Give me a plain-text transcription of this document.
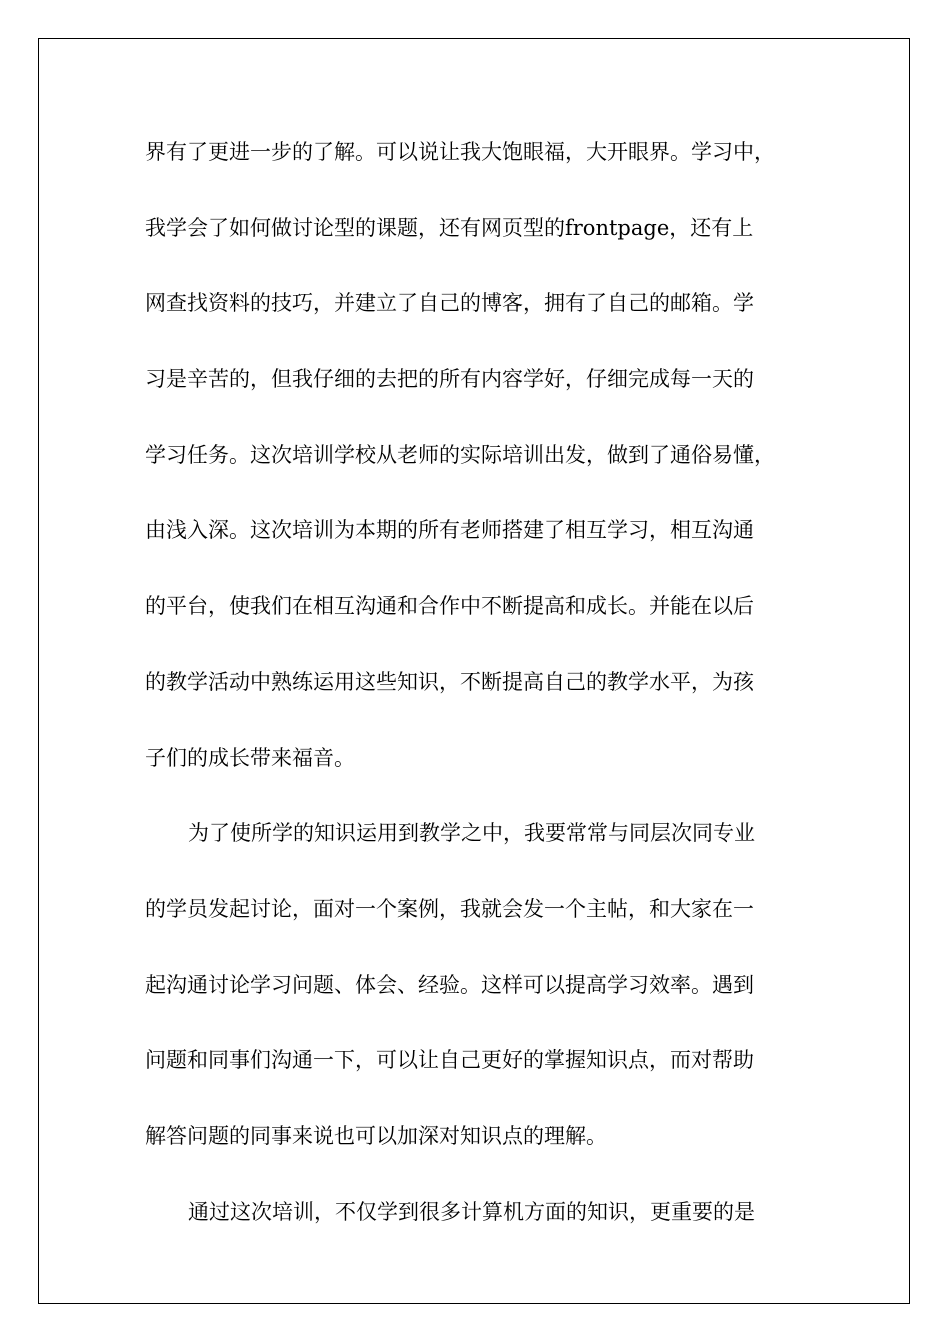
界有了更进一步的了解。可以说让我大饱眼福，大开眼界。学习中，
我学会了如何做讨论型的课题，还有网页型的frontpage，还有上
网查找资料的技巧，并建立了自己的博客，拥有了自己的邮箱。学
习是辛苦的，但我仔细的去把的所有内容学好，仔细完成每一天的
学习任务。这次培训学校从老师的实际培训出发，做到了通俗易懂，
由浅入深。这次培训为本期的所有老师搭建了相互学习，相互沟通
的平台，使我们在相互沟通和合作中不断提高和成长。并能在以后
的教学活动中熟练运用这些知识，不断提高自己的教学水平，为孩
子们的成长带来福音。
为了使所学的知识运用到教学之中，我要常常与同层次同专业
的学员发起讨论，面对一个案例，我就会发一个主帖，和大家在一
起沟通讨论学习问题、体会、经验。这样可以提高学习效率。遇到
问题和同事们沟通一下，可以让自己更好的掌握知识点，而对帮助
解答问题的同事来说也可以加深对知识点的理解。
通过这次培训，不仅学到很多计算机方面的知识，更重要的是
